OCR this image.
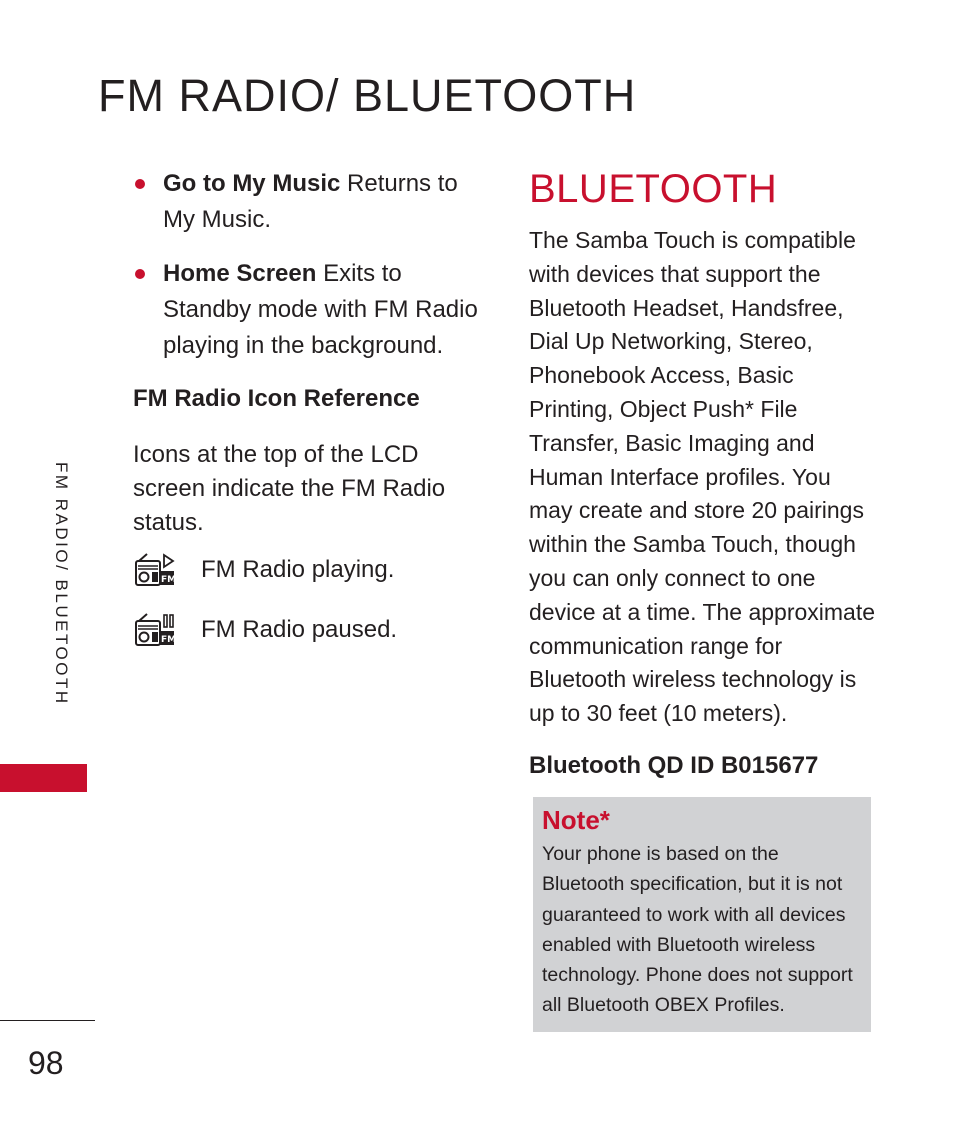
FM RADIO/ BLUETOOTH
Go to My Music Returns to My Music.
Home Screen Exits to Standby mode with FM Radio playing in the background.
FM Radio Icon Reference
Icons at the top of the LCD screen indicate the FM Radio status.
FM FM Radio playing.
FM FM Radio paused.
BLUETOOTH
The Samba Touch is compatible with devices that support the Bluetooth Headset, Handsfree, Dial Up Networking, Stereo, Phonebook Access, Basic Printing, Object Push* File Transfer, Basic Imaging and Human Interface profiles. You may create and store 20 pairings within the Samba Touch, though you can only connect to one device at a time. The approximate communication range for Bluetooth wireless technology is up to 30 feet (10 meters).
Bluetooth QD ID B015677
Note*
Your phone is based on the Bluetooth specification, but it is not guaranteed to work with all devices enabled with Bluetooth wireless technology. Phone does not support all Bluetooth OBEX Profiles.
FM RADIO/ BLUETOOTH
98
